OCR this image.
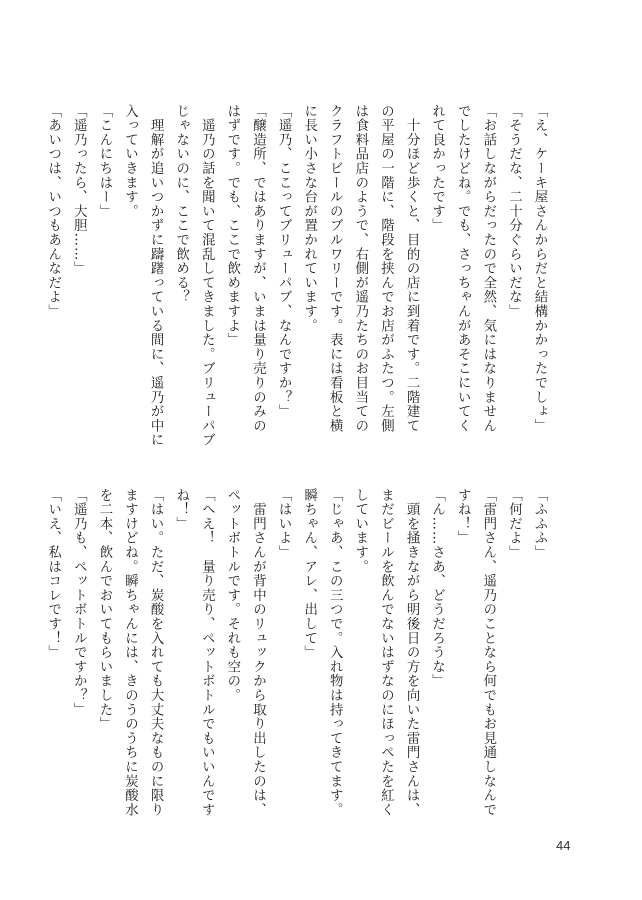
「え、ケーキ屋さんからだと結構かかったでしょ」

「そうだな、二十分ぐらいだな」

「お話しながらだったので全然、気にはなりません

でしたけどね。でも、さっちゃんがあそこにいてく

れて良かったです」

　十分ほど歩くと、目的の店に到着です。二階建て

の平屋の一階に、階段を挟んでお店がふたつ。左側

は食料品店のようで、右側が遥乃たちのお目当ての

クラフトビールのブルワリーです。表には看板と横

に長い小さな台が置かれています。

「遥乃、ここってブリューパブ、なんですか？」

「醸造所、ではありますが、いまは量り売りのみの

はずです。でも、ここで飲めますよ」

　遥乃の話を聞いて混乱してきました。ブリューパブ

じゃないのに、ここで飲める？

　理解が追いつかずに躊躇っている間に、遥乃が中に

入っていきます。

「こんにちはー」

「遥乃ったら、大胆……」

「あいつは、いつもあんなだよ」

「ふふふ」

「何だよ」

「雷門さん、遥乃のことなら何でもお見通しなんで

すね！」

「ん……さあ、どうだろうな」

　頭を掻きながら明後日の方を向いた雷門さんは、

まだビールを飲んでないはずなのにほっぺたを紅く

しています。

「じゃあ、この三つで。入れ物は持ってきてます。

瞬ちゃん、アレ、出して」

「はいよ」

　雷門さんが背中のリュックから取り出したのは、

ペットボトルです。それも空の。

「へえ！　量り売り、ペットボトルでもいいんです

ね！」

「はい。ただ、炭酸を入れても大丈夫なものに限り

ますけどね。瞬ちゃんには、きのうのうちに炭酸水

を二本、飲んでおいてもらいました」

「遥乃も、ペットボトルですか？」

「いえ、私はコレです！」

44
